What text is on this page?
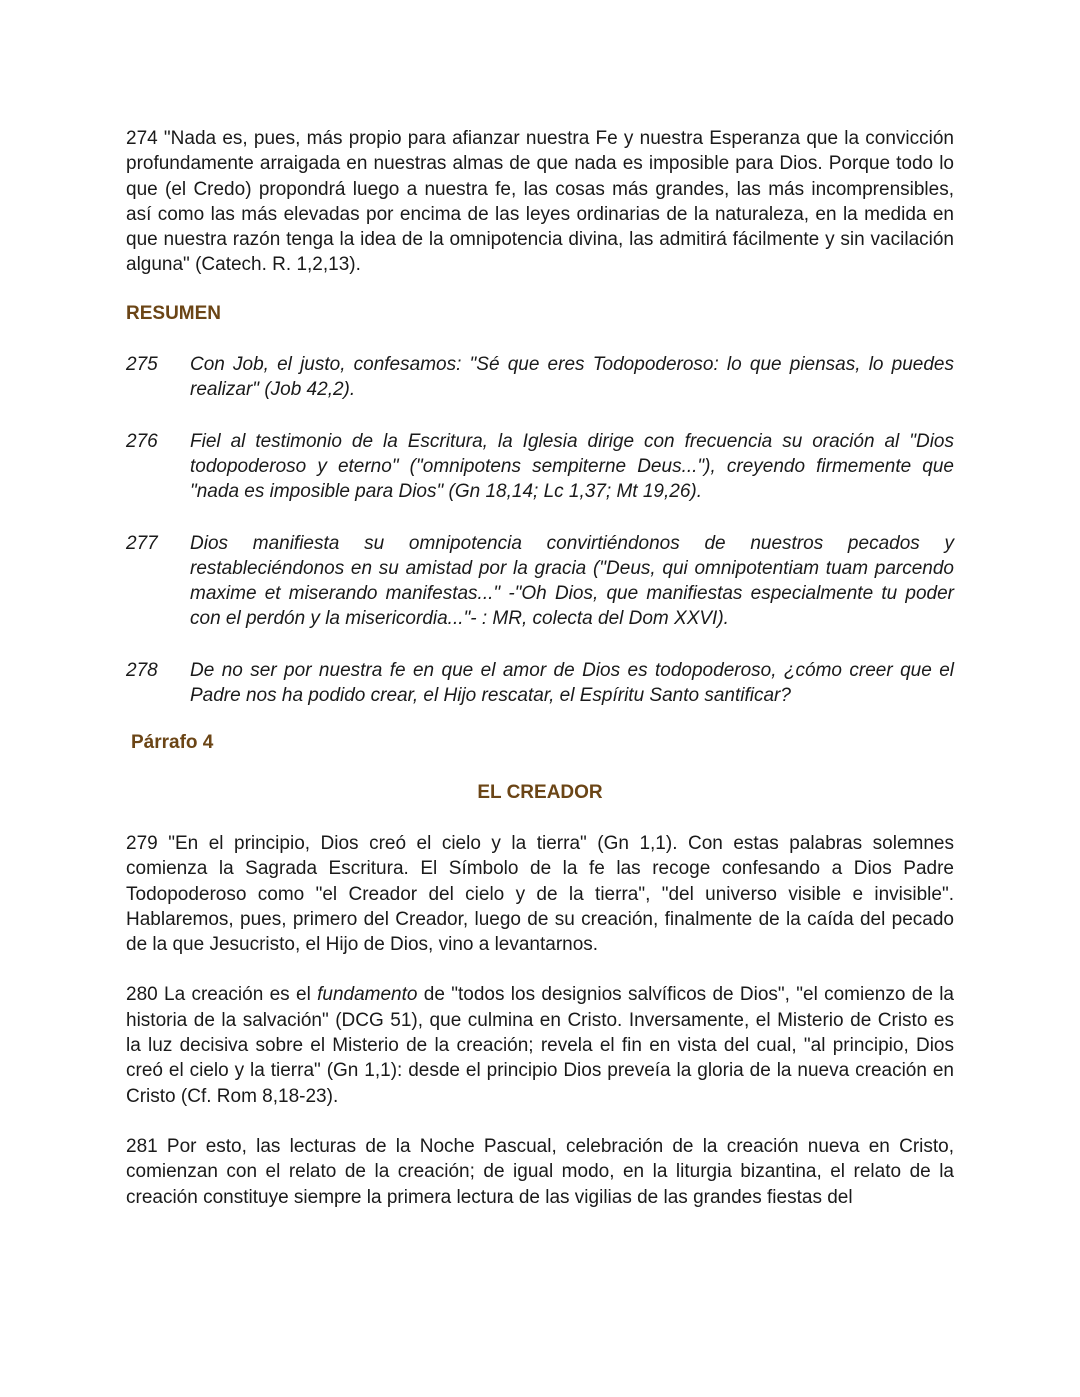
274 "Nada es, pues, más propio para afianzar nuestra Fe y nuestra Esperanza que la convicción profundamente arraigada en nuestras almas de que nada es imposible para Dios. Porque todo lo que (el Credo) propondrá luego a nuestra fe, las cosas más grandes, las más incomprensibles, así como las más elevadas por encima de las leyes ordinarias de la naturaleza, en la medida en que nuestra razón tenga la idea de la omnipotencia divina, las admitirá fácilmente y sin vacilación alguna" (Catech. R. 1,2,13).

RESUMEN
275	Con Job, el justo, confesamos: "Sé que eres Todopoderoso: lo que piensas, lo puedes realizar" (Job 42,2).
276	Fiel al testimonio de la Escritura, la Iglesia dirige con frecuencia su oración al "Dios todopoderoso y eterno" ("omnipotens sempiterne Deus..."), creyendo firmemente que "nada es imposible para Dios" (Gn 18,14; Lc 1,37; Mt 19,26).
277	Dios manifiesta su omnipotencia convirtiéndonos de nuestros pecados y restableciéndonos en su amistad por la gracia ("Deus, qui omnipotentiam tuam parcendo maxime et miserando manifestas..." -"Oh Dios, que manifiestas especialmente tu poder con el perdón y la misericordia..."- : MR, colecta del Dom XXVI).
278	De no ser por nuestra fe en que el amor de Dios es todopoderoso, ¿cómo creer que el Padre nos ha podido crear, el Hijo rescatar, el Espíritu Santo santificar?
Párrafo 4
EL CREADOR

279 "En el principio, Dios creó el cielo y la tierra" (Gn 1,1). Con estas palabras solemnes comienza la Sagrada Escritura. El Símbolo de la fe las recoge confesando a Dios Padre Todopoderoso como "el Creador del cielo y de la tierra", "del universo visible e invisible". Hablaremos, pues, primero del Creador, luego de su creación, finalmente de la caída del pecado de la que Jesucristo, el Hijo de Dios, vino a levantarnos.

280 La creación es el fundamento de "todos los designios salvíficos de Dios", "el comienzo de la historia de la salvación" (DCG 51), que culmina en Cristo. Inversamente, el Misterio de Cristo es la luz decisiva sobre el Misterio de la creación; revela el fin en vista del cual, "al principio, Dios creó el cielo y la tierra" (Gn 1,1): desde el principio Dios preveía la gloria de la nueva creación en Cristo (Cf. Rom 8,18-23).

281 Por esto, las lecturas de la Noche Pascual, celebración de la creación nueva en Cristo, comienzan con el relato de la creación; de igual modo, en la liturgia bizantina, el relato de la creación constituye siempre la primera lectura de las vigilias de las grandes fiestas del
